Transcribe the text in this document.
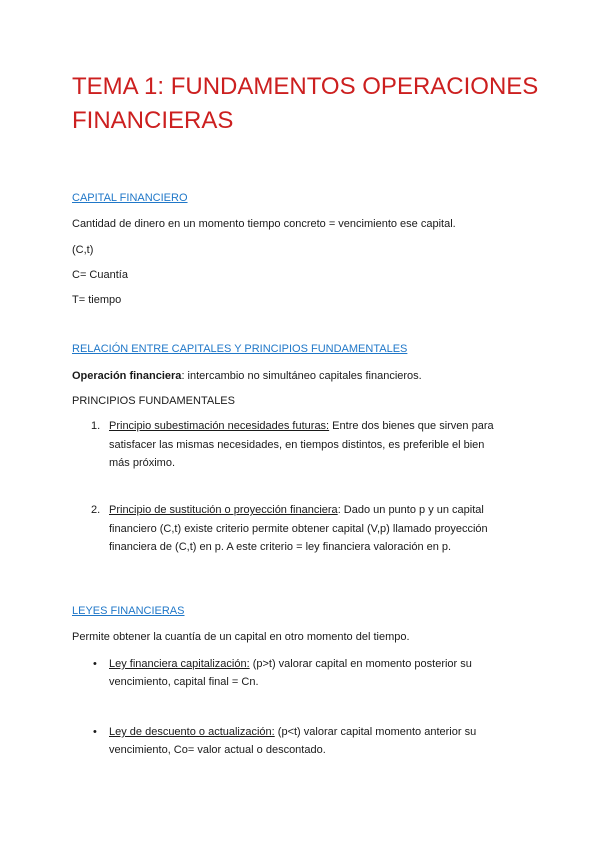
TEMA 1: FUNDAMENTOS OPERACIONES FINANCIERAS
CAPITAL FINANCIERO
Cantidad de dinero en un momento tiempo concreto = vencimiento ese capital.
(C,t)
C= Cuantía
T= tiempo
RELACIÓN ENTRE CAPITALES Y PRINCIPIOS FUNDAMENTALES
Operación financiera: intercambio no simultáneo capitales financieros.
PRINCIPIOS FUNDAMENTALES
1. Principio subestimación necesidades futuras: Entre dos bienes que sirven para
satisfacer las mismas necesidades, en tiempos distintos, es preferible el bien
más próximo.
2. Principio de sustitución o proyección financiera: Dado un punto p y un capital
financiero (C,t) existe criterio permite obtener capital (V,p) llamado proyección
financiera de (C,t) en p. A este criterio = ley financiera valoración en p.
LEYES FINANCIERAS
Permite obtener la cuantía de un capital en otro momento del tiempo.
• Ley financiera capitalización: (p>t) valorar capital en momento posterior su
vencimiento, capital final = Cn.
• Ley de descuento o actualización: (p<t) valorar capital momento anterior su
vencimiento, Co= valor actual o descontado.
